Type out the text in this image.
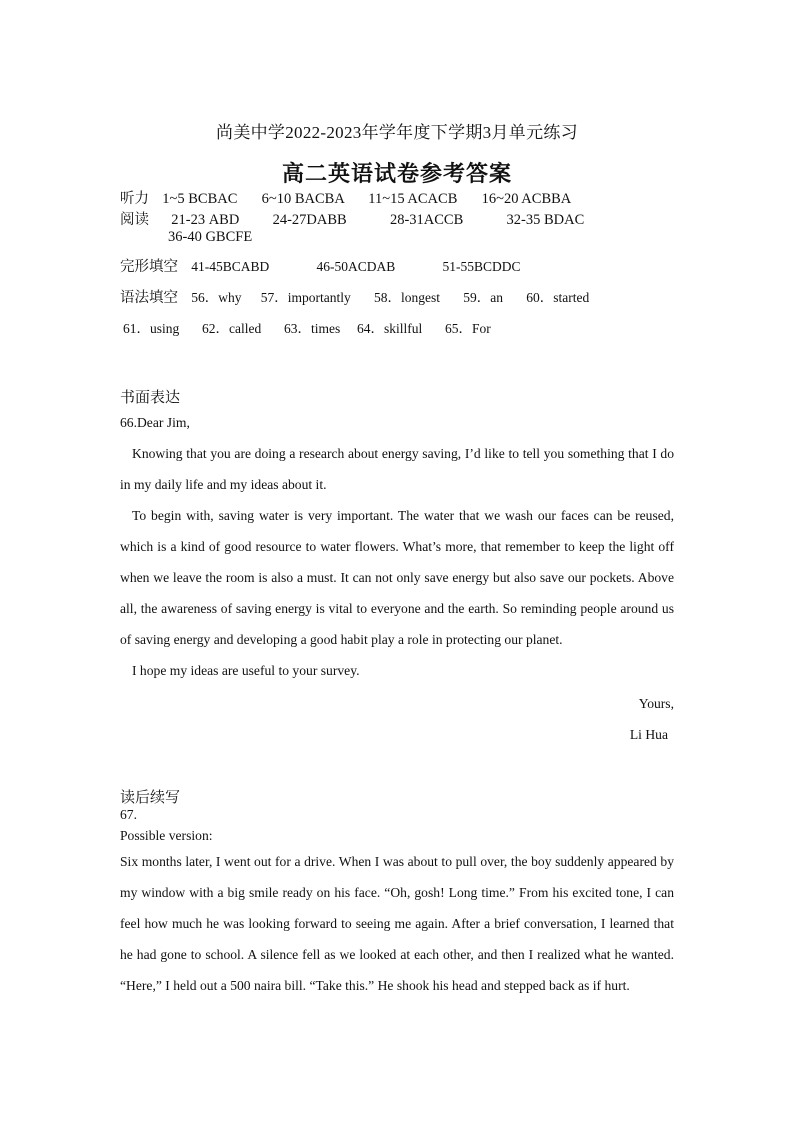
尚美中学2022-2023年学年度下学期3月单元练习
高二英语试卷参考答案
听力 1~5 BCBAC 6~10 BACBA 11~15 ACACB 16~20 ACBBA
阅读 21-23 ABD 24-27DABB	28-31ACCB	32-35 BDAC
36-40 GBCFE
完形填空 41-45BCABD	46-50ACDAB	51-55BCDDC
语法填空 56．why 57．importantly 58．longest 59．an 60．started
61．using 62．called 63．times 64．skillful 65．For
书面表达
66.Dear Jim,

Knowing that you are doing a research about energy saving, I’d like to tell you something that I do in my daily life and my ideas about it.

To begin with, saving water is very important. The water that we wash our faces can be reused, which is a kind of good resource to water flowers. What’s more, that remember to keep the light off when we leave the room is also a must. It can not only save energy but also save our pockets. Above all, the awareness of saving energy is vital to everyone and the earth. So reminding people around us of saving energy and developing a good habit play a role in protecting our planet.

I hope my ideas are useful to your survey.

Yours,
Li Hua
读后续写
67.
Possible version:

Six months later, I went out for a drive. When I was about to pull over, the boy suddenly appeared by my window with a big smile ready on his face. “Oh, gosh! Long time.” From his excited tone, I can feel how much he was looking forward to seeing me again. After a brief conversation, I learned that he had gone to school. A silence fell as we looked at each other, and then I realized what he wanted. “Here,” I held out a 500 naira bill. “Take this.” He shook his head and stepped back as if hurt.
